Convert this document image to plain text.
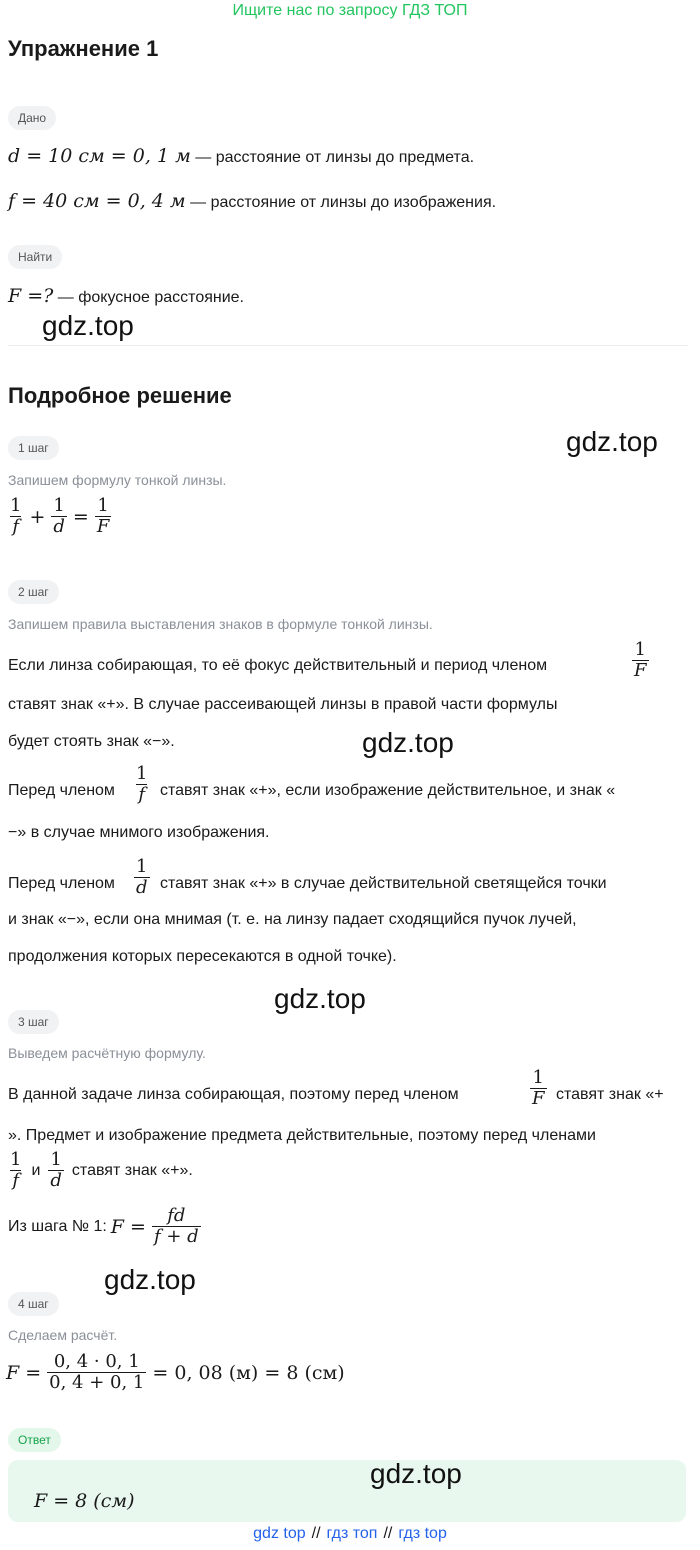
Ищите нас по запросу ГДЗ ТОП
Упражнение 1
Дано
d = 10 см = 0, 1 м — расстояние от линзы до предмета.
f = 40 см = 0, 4 м — расстояние от линзы до изображения.
Найти
F =? — фокусное расстояние.
gdz.top
Подробное решение
1 шаг	gdz.top
Запишем формулу тонкой линзы.
$\frac{1}{f} + \frac{1}{d} = \frac{1}{F}$
2 шаг
Запишем правила выставления знаков в формуле тонкой линзы.
Если линза собирающая, то её фокус действительный и период членом	$\frac{1}{F}$
ставят знак «+». В случае рассеивающей линзы в правой части формулы
будет стоять знак «−».	gdz.top
Перед членом $\frac{1}{f}$ ставят знак «+», если изображение действительное, и знак «
−» в случае мнимого изображения.
Перед членом $\frac{1}{d}$ ставят знак «+» в случае действительной светящейся точки
и знак «−», если она мнимая (т. е. на линзу падает сходящийся пучок лучей,
продолжения которых пересекаются в одной точке).
gdz.top
3 шаг
Выведем расчётную формулу.
В данной задаче линза собирающая, поэтому перед членом	$\frac{1}{F}$ ставят знак «+
». Предмет и изображение предмета действительные, поэтому перед членами
$\frac{1}{f}$ и $\frac{1}{d}$ ставят знак «+».
Из шага № 1: $F = \frac{fd}{f + d}$
gdz.top
4 шаг
Сделаем расчёт.
$F = \frac{0, 4 \cdot 0, 1}{0, 4 + 0, 1} = 0$, 08 (м) = 8 (см)
Ответ
gdz.top
F = 8 (см)
gdz top // гдз топ // гдз top
